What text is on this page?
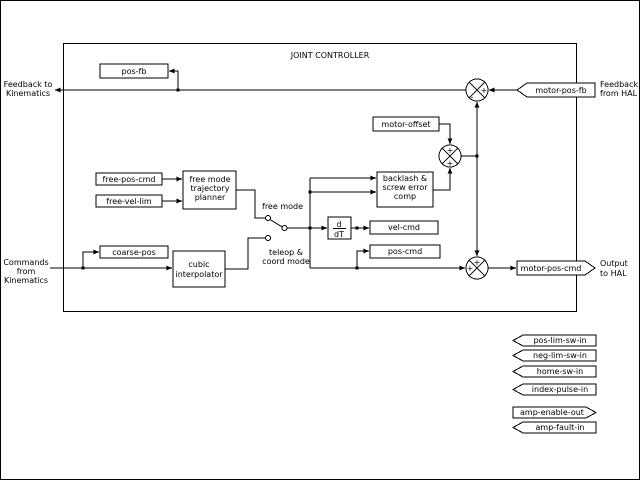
JOINT CONTROLLER
pos-fb
motor-offset
free-pos-cmd
free-vel-lim
free mode
trajectory
planner
coarse-pos
cubic
interpolator
backlash &
screw error
comp
d
dT
vel-cmd
pos-cmd
motor-pos-fb
motor-pos-cmd
pos-lim-sw-in
neg-lim-sw-in
home-sw-in
index-pulse-in
amp-enable-out
amp-fault-in
Feedback to
Kinematics
Commands
from
Kinematics
Feedback
from HAL
Output
to HAL
free mode
teleop &
coord mode
+
-
+
+
+
+
